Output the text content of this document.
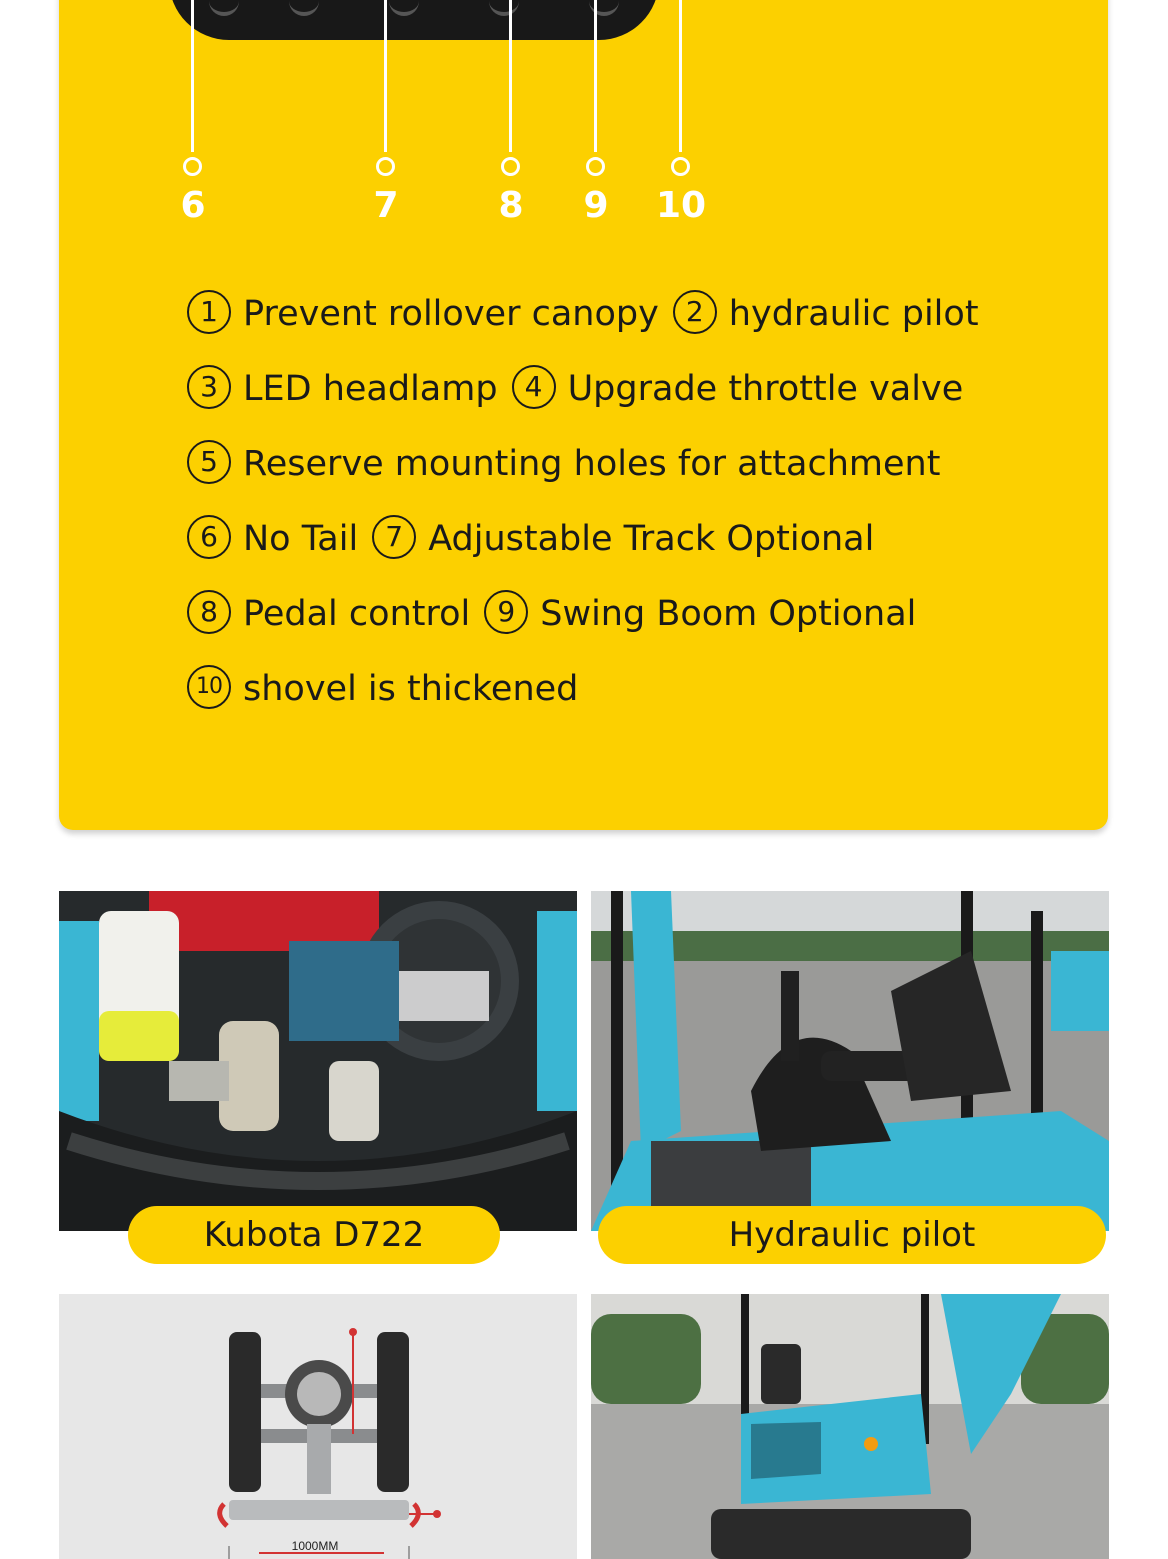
6	7	8	9	10
1 Prevent rollover canopy 2 hydraulic pilot
3 LED headlamp 4 Upgrade throttle valve
5 Reserve mounting holes for attachment
6 No Tail 7 Adjustable Track Optional
8 Pedal control 9 Swing Boom Optional
10 shovel is thickened
Kubota D722	Hydraulic pilot
1000MM
